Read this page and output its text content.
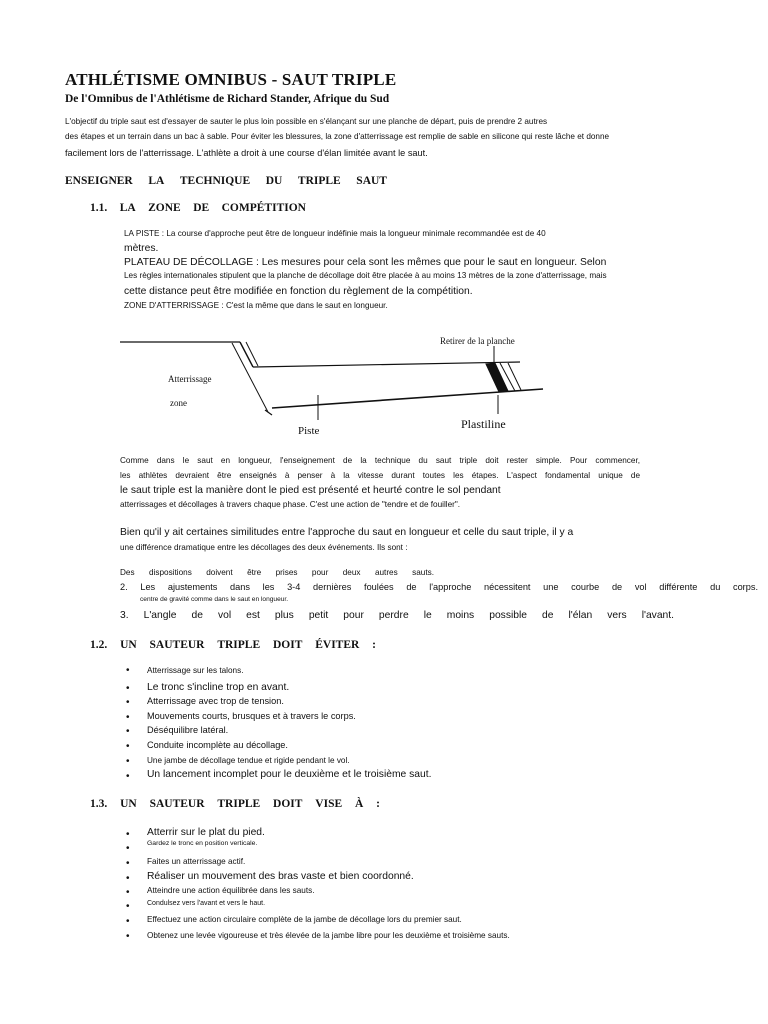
ATHLÉTISME OMNIBUS - SAUT TRIPLE
De l'Omnibus de l'Athlétisme de Richard Stander, Afrique du Sud
L'objectif du triple saut est d'essayer de sauter le plus loin possible en s'élançant sur une planche de départ, puis de prendre 2 autres
des étapes et un terrain dans un bac à sable. Pour éviter les blessures, la zone d'atterrissage est remplie de sable en silicone qui reste lâche et donne
facilement lors de l'atterrissage. L'athlète a droit à une course d'élan limitée avant le saut.
ENSEIGNER LA TECHNIQUE DU TRIPLE SAUT
1.1. LA ZONE DE COMPÉTITION
LA PISTE : La course d'approche peut être de longueur indéfinie mais la longueur minimale recommandée est de 40
mètres.
PLATEAU DE DÉCOLLAGE : Les mesures pour cela sont les mêmes que pour le saut en longueur. Selon
Les règles internationales stipulent que la planche de décollage doit être placée à au moins 13 mètres de la zone d'atterrissage, mais
cette distance peut être modifiée en fonction du règlement de la compétition.
ZONE D'ATTERRISSAGE : C'est la même que dans le saut en longueur.
Retirer de la planche
Atterrissage
zone
Piste	Plastiline
Comme dans le saut en longueur, l'enseignement de la technique du saut triple doit rester simple. Pour commencer,
les athlètes devraient être enseignés à penser à la vitesse durant toutes les étapes. L'aspect fondamental unique de
le saut triple est la manière dont le pied est présenté et heurté contre le sol pendant
atterrissages et décollages à travers chaque phase. C'est une action de "tendre et de fouiller".
Bien qu'il y ait certaines similitudes entre l'approche du saut en longueur et celle du saut triple, il y a
une différence dramatique entre les décollages des deux événements. Ils sont :
Des dispositions doivent être prises pour deux autres sauts.
2. Les ajustements dans les 3-4 dernières foulées de l'approche nécessitent une courbe de vol différente du corps.
centre de gravité comme dans le saut en longueur.
3. L'angle de vol est plus petit pour perdre le moins possible de l'élan vers l'avant.
1.2. UN SAUTEUR TRIPLE DOIT ÉVITER :
• Atterrissage sur les talons.
• Le tronc s'incline trop en avant.
• Atterrissage avec trop de tension.
• Mouvements courts, brusques et à travers le corps.
• Déséquilibre latéral.
• Conduite incomplète au décollage.
• Une jambe de décollage tendue et rigide pendant le vol.
• Un lancement incomplet pour le deuxième et le troisième saut.
1.3. UN SAUTEUR TRIPLE DOIT VISE À :
• Atterrir sur le plat du pied.
•	Gardez le tronc en position verticale.
• Faites un atterrissage actif.
• Réaliser un mouvement des bras vaste et bien coordonné.
• Atteindre une action équilibrée dans les sauts.
• Condulsez vers l'avant et vers le haut.
• Effectuez une action circulaire complète de la jambe de décollage lors du premier saut.
• Obtenez une levée vigoureuse et très élevée de la jambe libre pour les deuxième et troisième sauts.
